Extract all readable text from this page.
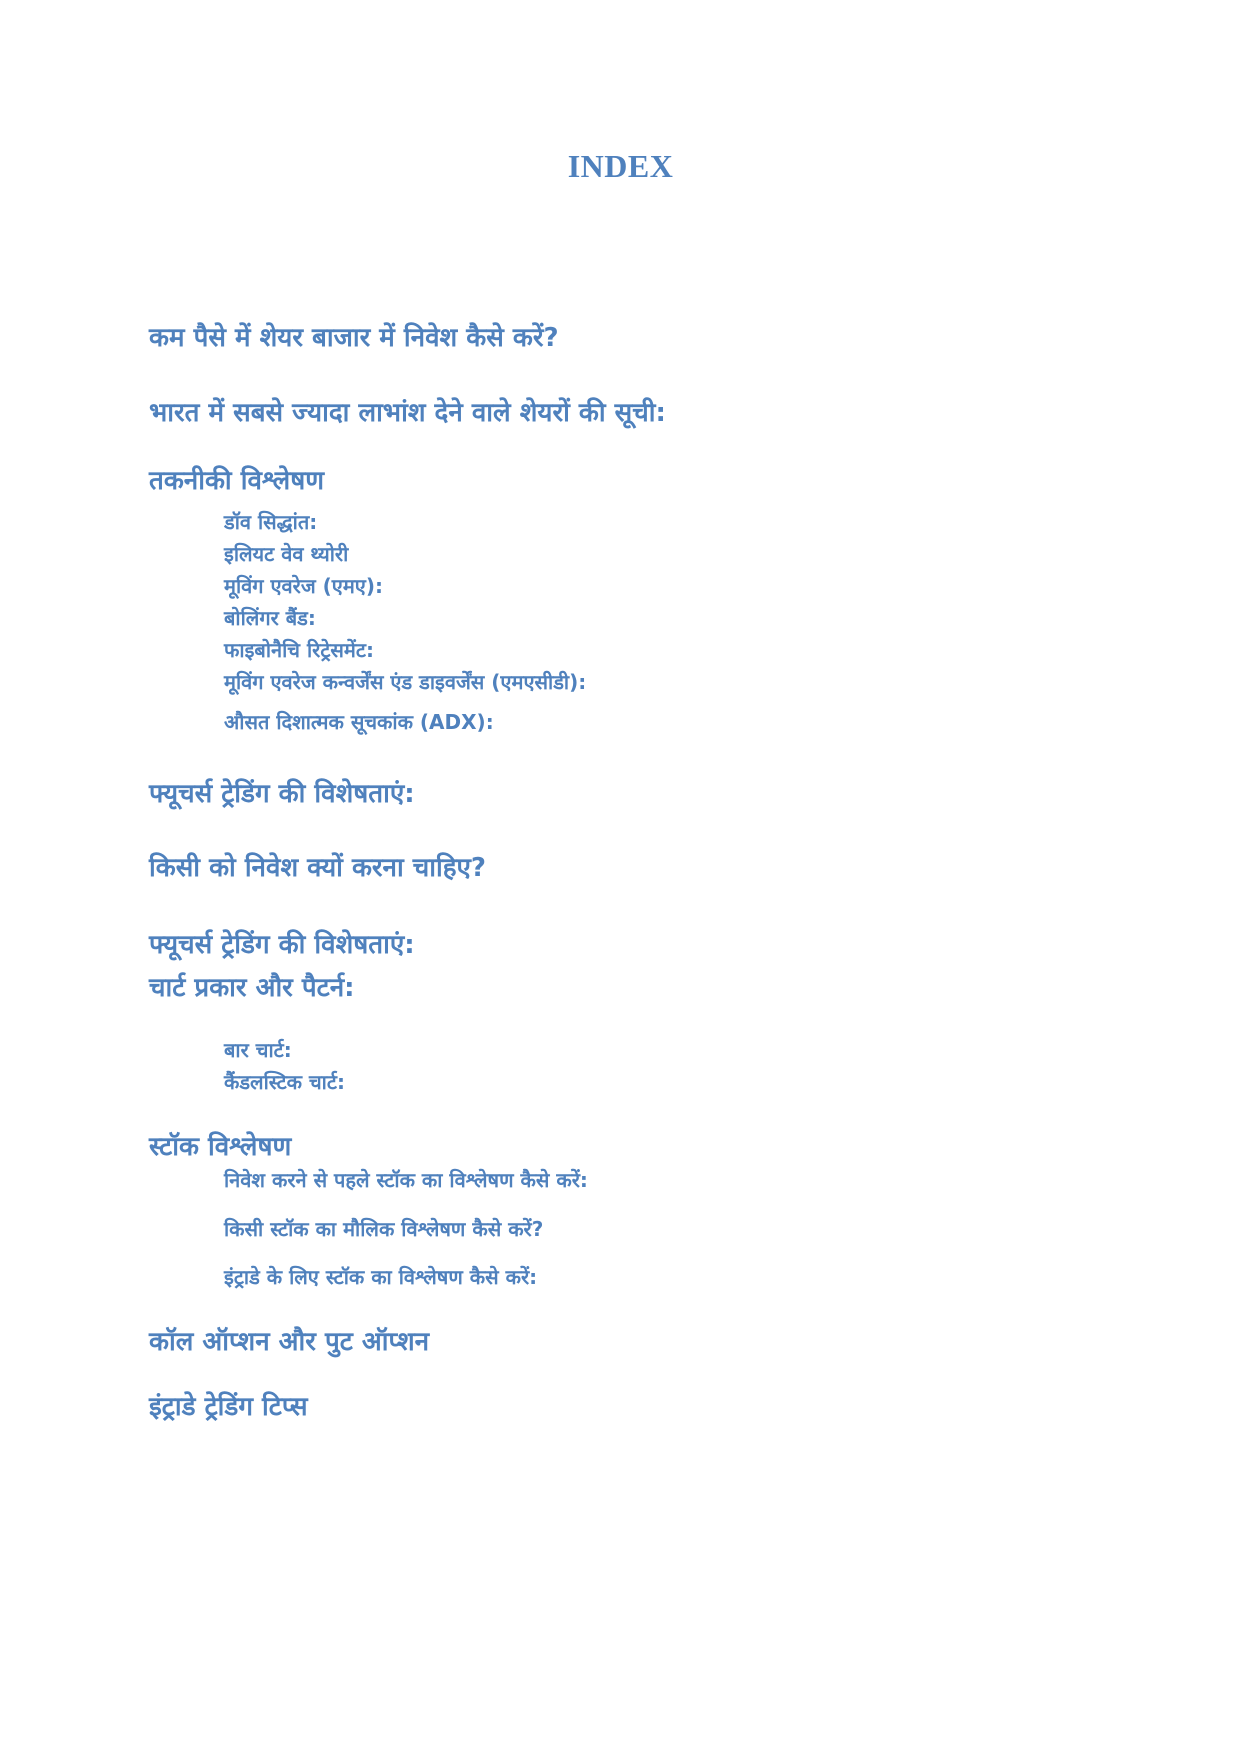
INDEX
कम पैसे में शेयर बाजार में निवेश कैसे करें?
भारत में सबसे ज्यादा लाभांश देने वाले शेयरों की सूची:
तकनीकी विश्लेषण
डॉव सिद्धांत:
इलियट वेव थ्योरी
मूविंग एवरेज (एमए):
बोलिंगर बैंड:
फाइबोनैचि रिट्रेसमेंट:
मूविंग एवरेज कन्वर्जेंस एंड डाइवर्जेंस (एमएसीडी):
औसत दिशात्मक सूचकांक (ADX):
फ्यूचर्स ट्रेडिंग की विशेषताएं:
किसी को निवेश क्यों करना चाहिए?
फ्यूचर्स ट्रेडिंग की विशेषताएं:
चार्ट प्रकार और पैटर्न:
बार चार्ट:
कैंडलस्टिक चार्ट:
स्टॉक विश्लेषण
निवेश करने से पहले स्टॉक का विश्लेषण कैसे करें:
किसी स्टॉक का मौलिक विश्लेषण कैसे करें?
इंट्राडे के लिए स्टॉक का विश्लेषण कैसे करें:
कॉल ऑप्शन और पुट ऑप्शन
इंट्राडे ट्रेडिंग टिप्स
